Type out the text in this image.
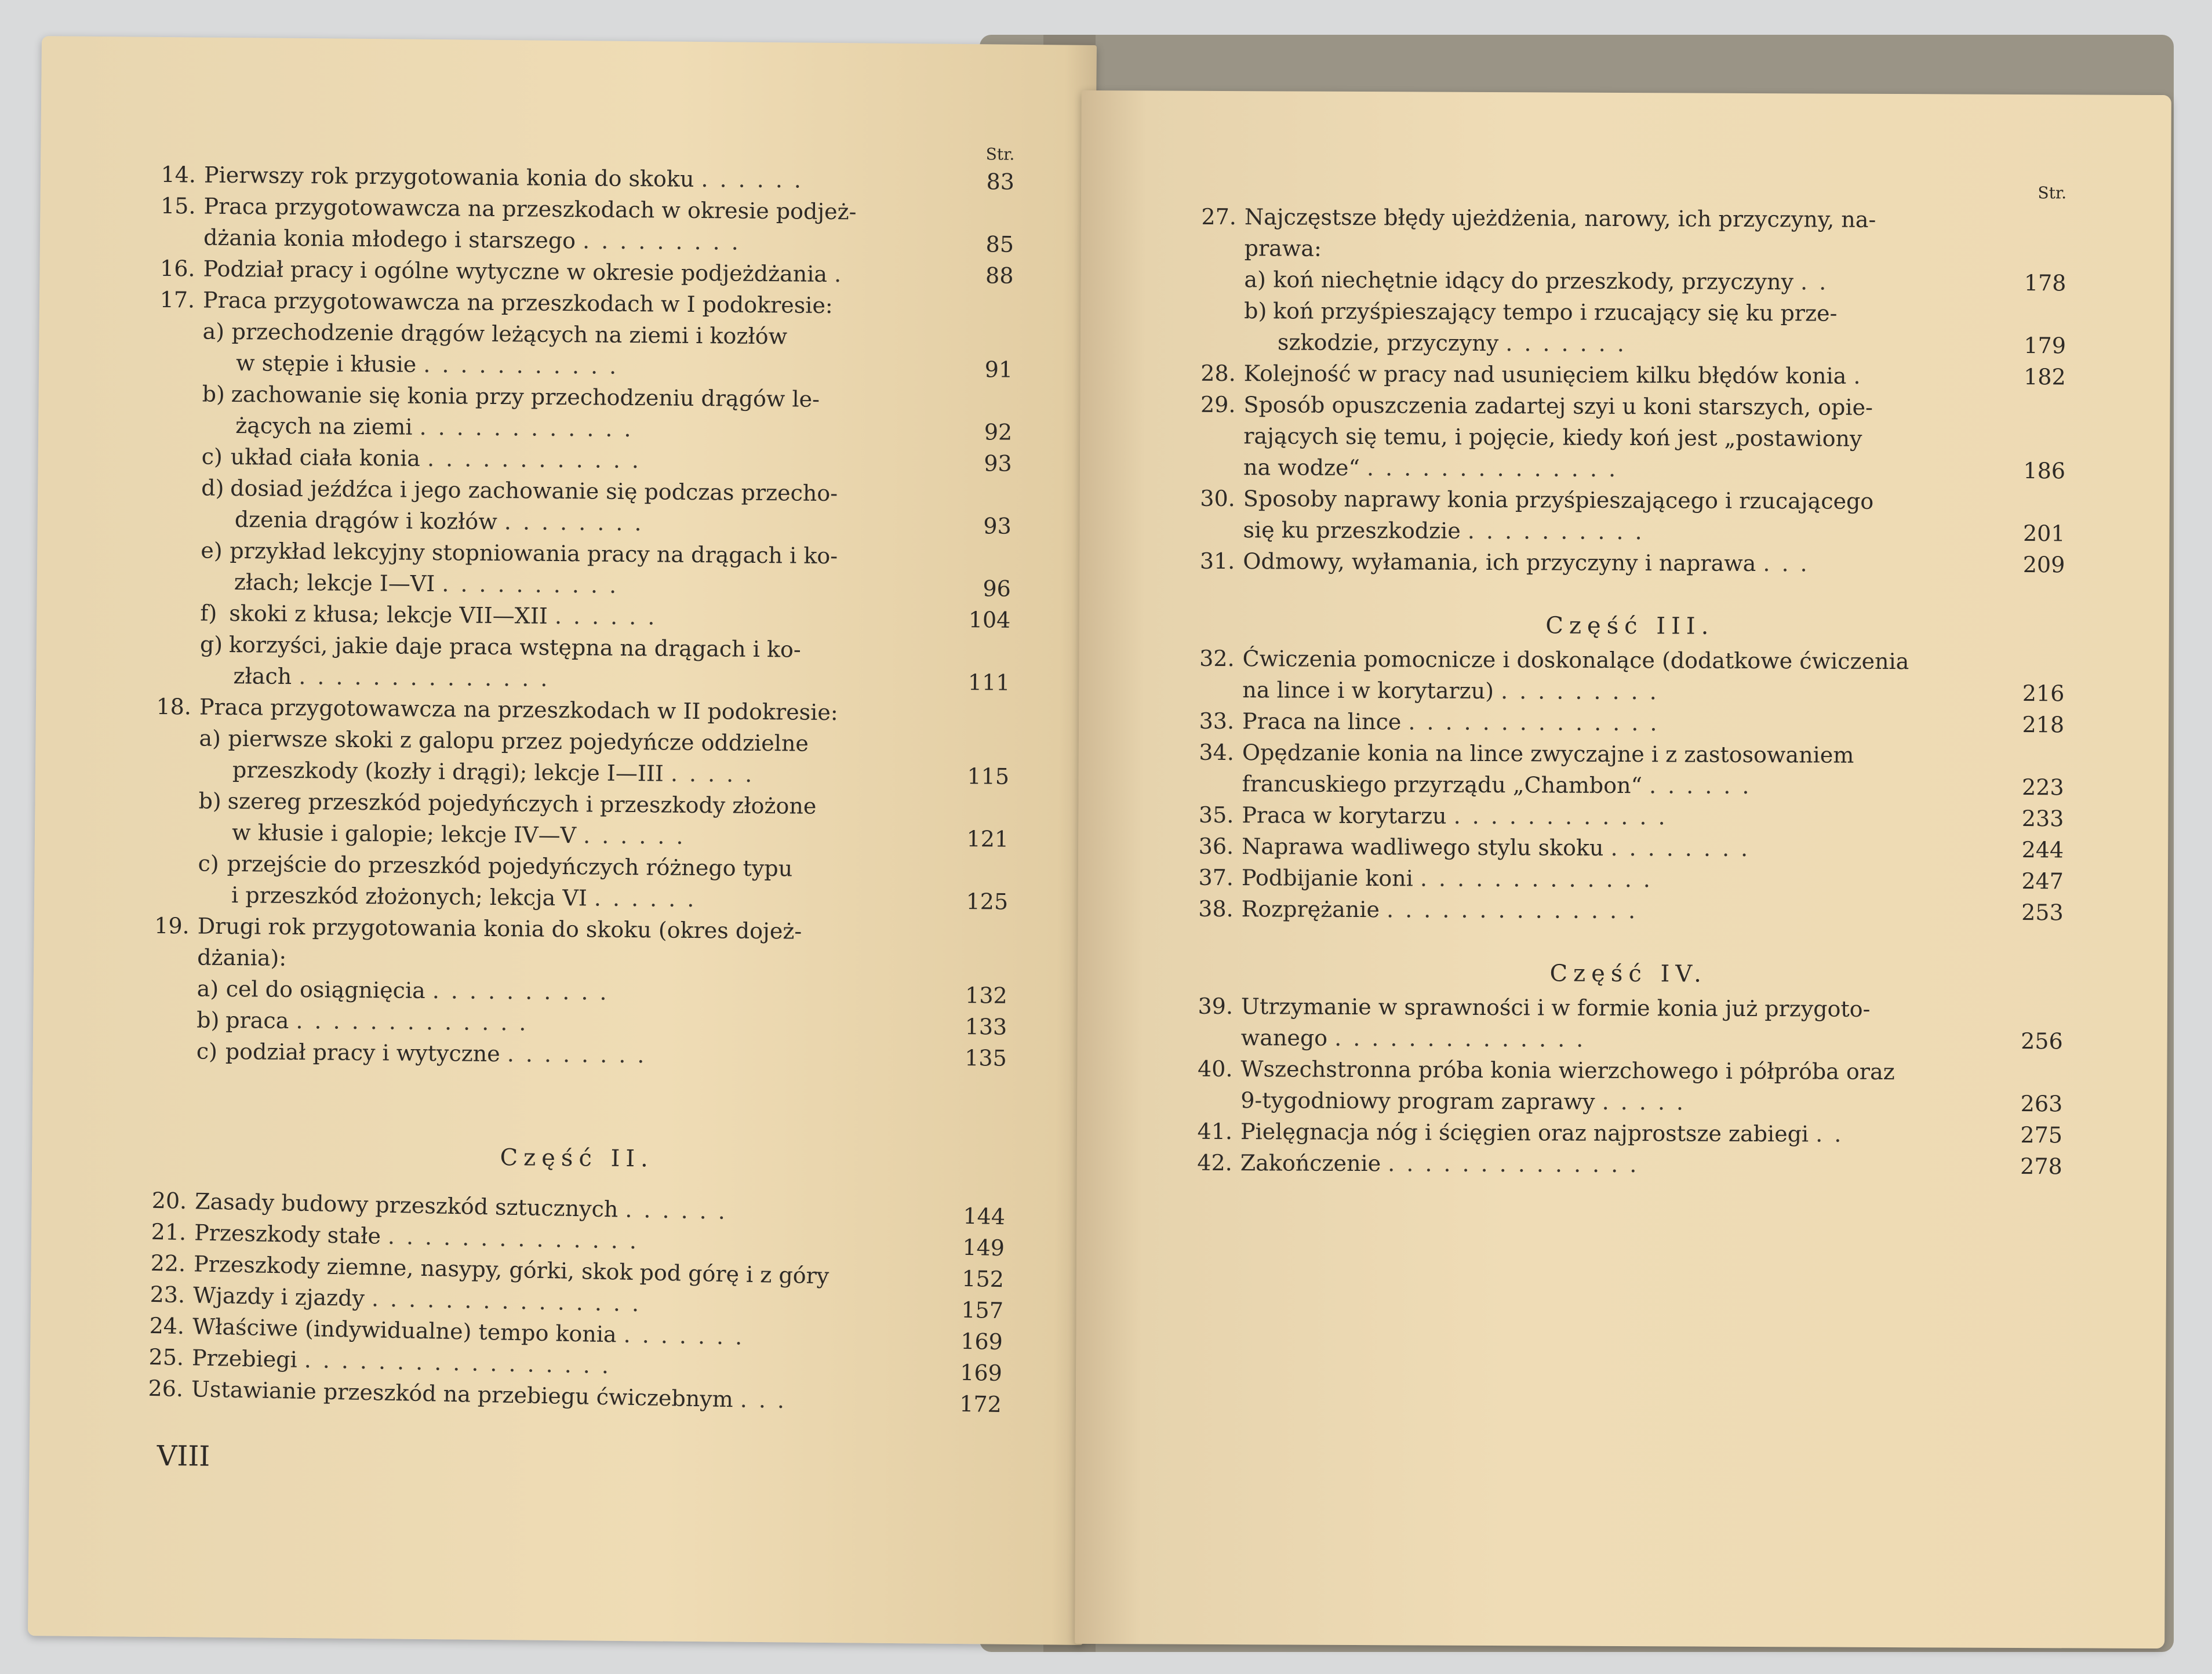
Str.
14. Pierwszy rok przygotowania konia do skoku ......	83
15. Praca przygotowawcza na przeszkodach w okresie podjeż-
dżania konia młodego i starszego .........	85
16. Podział pracy i ogólne wytyczne w okresie podjeżdżania .	88
17. Praca przygotowawcza na przeszkodach w I podokresie:
a) przechodzenie drągów leżących na ziemi i kozłów
w stępie i kłusie ...........	91
b) zachowanie się konia przy przechodzeniu drągów le-
żących na ziemi ............	92
c) układ ciała konia ............	93
d) dosiad jeźdźca i jego zachowanie się podczas przecho-
dzenia drągów i kozłów ........	93
e) przykład lekcyjny stopniowania pracy na drągach i ko-
złach; lekcje I—VI ..........	96
f) skoki z kłusa; lekcje VII—XII ......	104
g) korzyści, jakie daje praca wstępna na drągach i ko-
złach ..............	111
18. Praca przygotowawcza na przeszkodach w II podokresie:
a) pierwsze skoki z galopu przez pojedyńcze oddzielne
przeszkody (kozły i drągi); lekcje I—III .....	115
b) szereg przeszkód pojedyńczych i przeszkody złożone
w kłusie i galopie; lekcje IV—V ......	121
c) przejście do przeszkód pojedyńczych różnego typu
i przeszkód złożonych; lekcja VI ......	125
19. Drugi rok przygotowania konia do skoku (okres dojeż-
dżania):
a) cel do osiągnięcia ..........	132
b) praca .............	133
c) podział pracy i wytyczne ........	135
Część II.
20. Zasady budowy przeszkód sztucznych ......	144
21. Przeszkody stałe ..............	149
22. Przeszkody ziemne, nasypy, górki, skok pod górę i z góry	152
23. Wjazdy i zjazdy ...............	157
24. Właściwe (indywidualne) tempo konia .......	169
25. Przebiegi .................	169
26. Ustawianie przeszkód na przebiegu ćwiczebnym ...	172
VIII
Str.
27. Najczęstsze błędy ujeżdżenia, narowy, ich przyczyny, na-
prawa:
a) koń niechętnie idący do przeszkody, przyczyny ..	178
b) koń przyśpieszający tempo i rzucający się ku prze-
szkodzie, przyczyny .......	179
28. Kolejność w pracy nad usunięciem kilku błędów konia .	182
29. Sposób opuszczenia zadartej szyi u koni starszych, opie-
rających się temu, i pojęcie, kiedy koń jest „postawiony
na wodze“ ..............	186
30. Sposoby naprawy konia przyśpieszającego i rzucającego
się ku przeszkodzie ..........	201
31. Odmowy, wyłamania, ich przyczyny i naprawa ...	209
Część III.
32. Ćwiczenia pomocnicze i doskonalące (dodatkowe ćwiczenia
na lince i w korytarzu) .........	216
33. Praca na lince ..............	218
34. Opędzanie konia na lince zwyczajne i z zastosowaniem
francuskiego przyrządu „Chambon“ ......	223
35. Praca w korytarzu ............	233
36. Naprawa wadliwego stylu skoku ........	244
37. Podbijanie koni .............	247
38. Rozprężanie ..............	253
Część IV.
39. Utrzymanie w sprawności i w formie konia już przygoto-
wanego ..............	256
40. Wszechstronna próba konia wierzchowego i półpróba oraz
9-tygodniowy program zaprawy .....	263
41. Pielęgnacja nóg i ścięgien oraz najprostsze zabiegi ..	275
42. Zakończenie ..............	278
